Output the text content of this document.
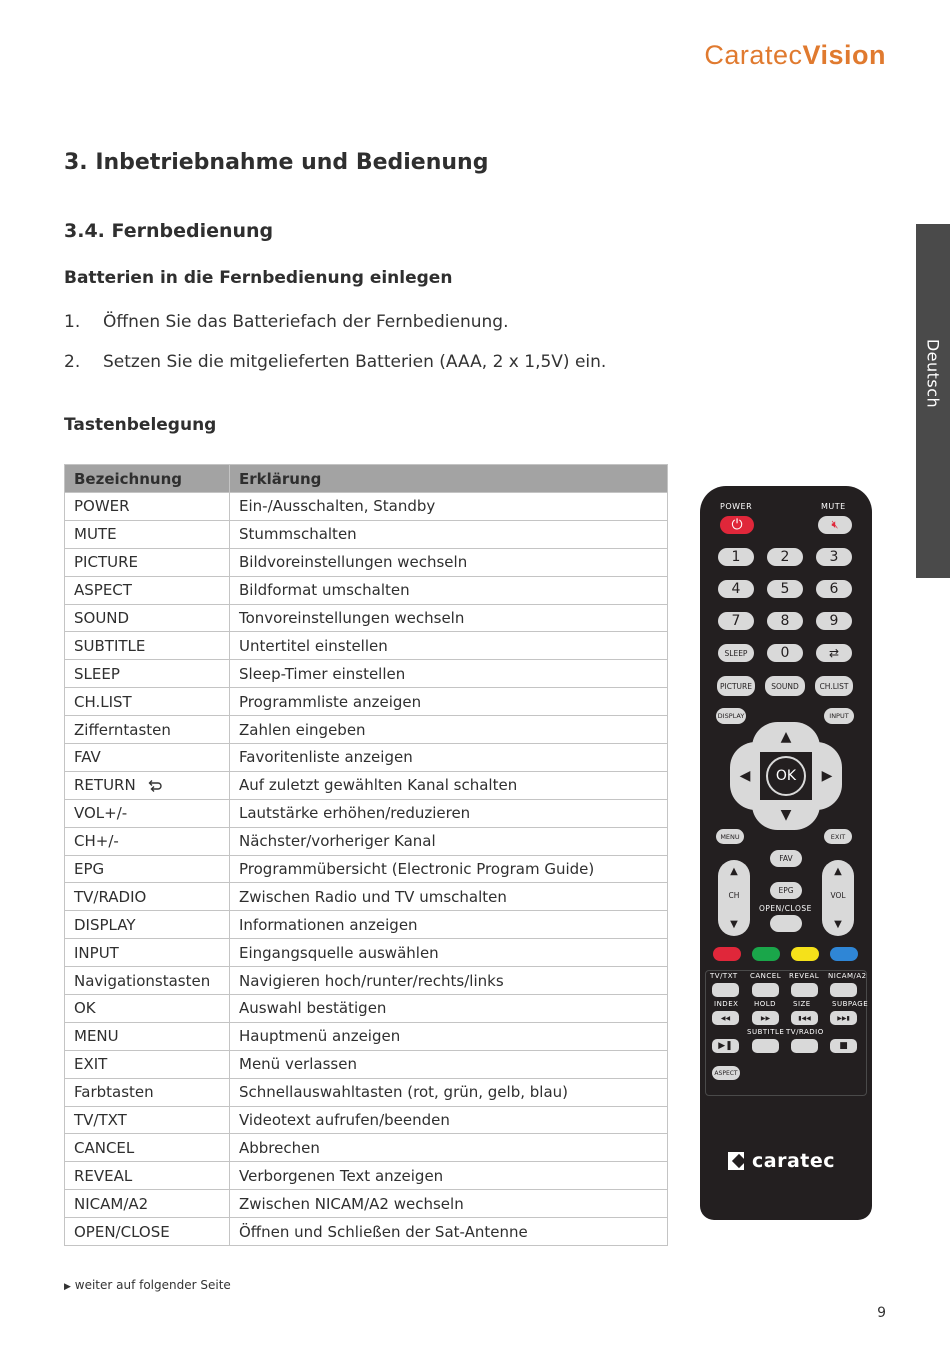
CaratecVision
3. Inbetriebnahme und Bedienung
3.4. Fernbedienung
Batterien in die Fernbedienung einlegen
1. Öffnen Sie das Batteriefach der Fernbedienung.
2. Setzen Sie die mitgelieferten Batterien (AAA, 2 x 1,5V) ein.
Tastenbelegung
Deutsch
Bezeichnung	Erklärung
POWER	Ein-/Ausschalten, Standby
MUTE	Stummschalten
PICTURE	Bildvoreinstellungen wechseln
ASPECT	Bildformat umschalten
SOUND	Tonvoreinstellungen wechseln
SUBTITLE	Untertitel einstellen
SLEEP	Sleep-Timer einstellen
CH.LIST	Programmliste anzeigen
Zifferntasten	Zahlen eingeben
FAV	Favoritenliste anzeigen
RETURN	Auf zuletzt gewählten Kanal schalten
VOL+/-	Lautstärke erhöhen/reduzieren
CH+/-	Nächster/vorheriger Kanal
EPG	Programmübersicht (Electronic Program Guide)
TV/RADIO	Zwischen Radio und TV umschalten
DISPLAY	Informationen anzeigen
INPUT	Eingangsquelle auswählen
Navigationstasten	Navigieren hoch/runter/rechts/links
OK	Auswahl bestätigen
MENU	Hauptmenü anzeigen
EXIT	Menü verlassen
Farbtasten	Schnellauswahltasten (rot, grün, gelb, blau)
TV/TXT	Videotext aufrufen/beenden
CANCEL	Abbrechen
REVEAL	Verborgenen Text anzeigen
NICAM/A2	Zwischen NICAM/A2 wechseln
OPEN/CLOSE	Öffnen und Schließen der Sat-Antenne
▶ weiter auf folgender Seite
9
POWER	MUTE
⏻	🔇︎
1	2	3
4	5	6
7	8	9
SLEEP	0	⇄
PICTURE	SOUND	CH.LIST
DISPLAY	INPUT
▲
▼
◀	▶
OK
MENU	EXIT
FAV
▲
CH
▼
EPG
OPEN/CLOSE
▲
VOL
▼
TV/TXT CANCEL REVEAL NICAM/A2
INDEX
◀◀
HOLD
▶▶
SIZE
▮◀◀
SUBPAGE
▶▶▮
SUBTITLE TV/RADIO
▶❚	■
ASPECT
caratec
